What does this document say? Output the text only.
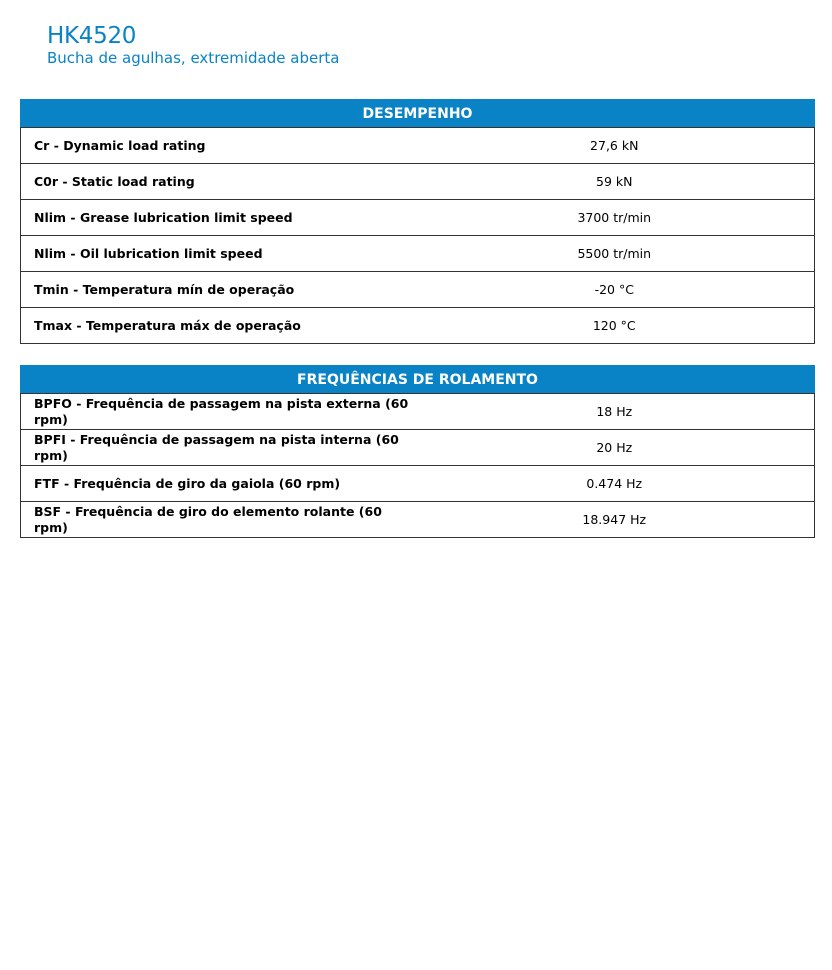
HK4520

Bucha de agulhas, extremidade aberta

DESEMPENHO
Cr - Dynamic load rating	27,6 kN
C0r - Static load rating	59 kN
Nlim - Grease lubrication limit speed	3700 tr/min
Nlim - Oil lubrication limit speed	5500 tr/min
Tmin - Temperatura mín de operação	-20 °C
Tmax - Temperatura máx de operação	120 °C
FREQUÊNCIAS DE ROLAMENTO
BPFO - Frequência de passagem na pista externa (60 rpm)	18 Hz
BPFI - Frequência de passagem na pista interna (60 rpm)	20 Hz
FTF - Frequência de giro da gaiola (60 rpm)	0.474 Hz
BSF - Frequência de giro do elemento rolante (60 rpm)	18.947 Hz
